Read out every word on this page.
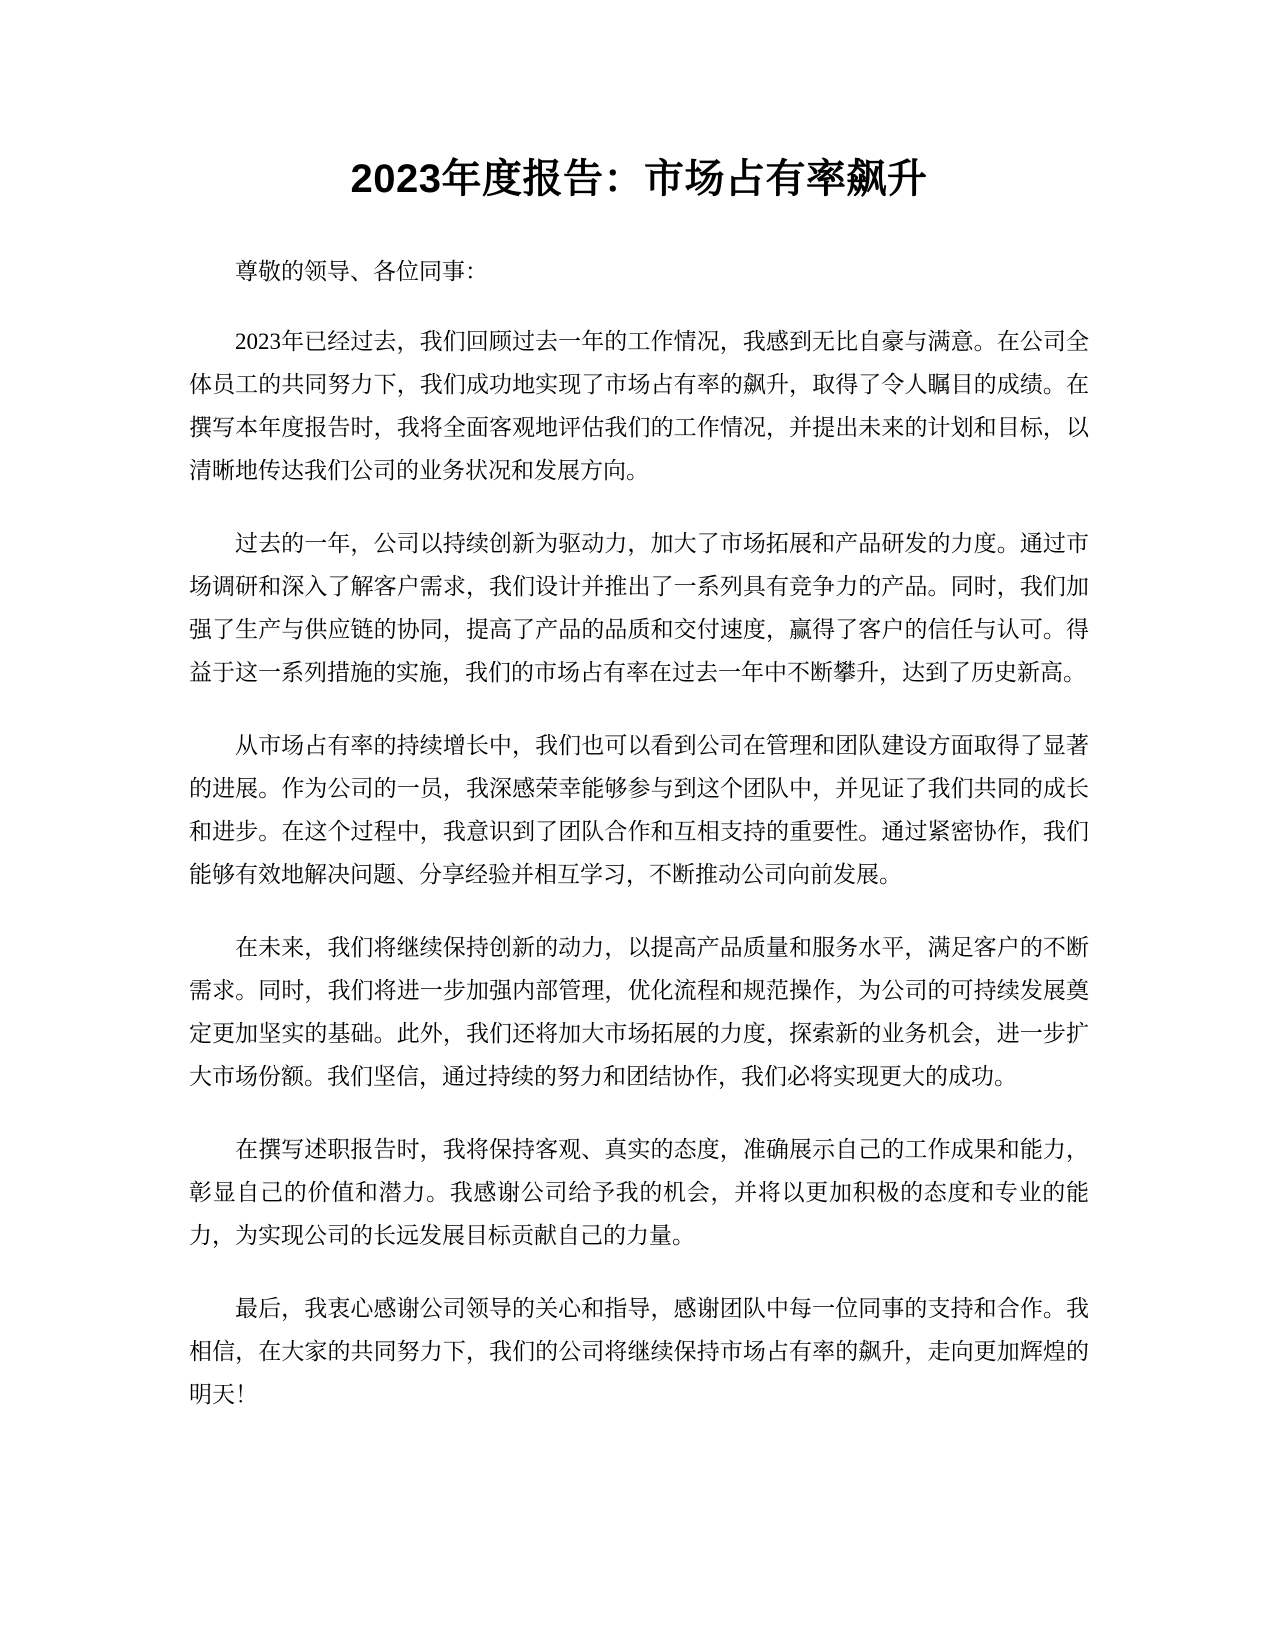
2023年度报告：市场占有率飙升

尊敬的领导、各位同事：

2023年已经过去，我们回顾过去一年的工作情况，我感到无比自豪与满意。在公司全体员工的共同努力下，我们成功地实现了市场占有率的飙升，取得了令人瞩目的成绩。在撰写本年度报告时，我将全面客观地评估我们的工作情况，并提出未来的计划和目标，以清晰地传达我们公司的业务状况和发展方向。

过去的一年，公司以持续创新为驱动力，加大了市场拓展和产品研发的力度。通过市场调研和深入了解客户需求，我们设计并推出了一系列具有竞争力的产品。同时，我们加强了生产与供应链的协同，提高了产品的品质和交付速度，赢得了客户的信任与认可。得益于这一系列措施的实施，我们的市场占有率在过去一年中不断攀升，达到了历史新高。

从市场占有率的持续增长中，我们也可以看到公司在管理和团队建设方面取得了显著的进展。作为公司的一员，我深感荣幸能够参与到这个团队中，并见证了我们共同的成长和进步。在这个过程中，我意识到了团队合作和互相支持的重要性。通过紧密协作，我们能够有效地解决问题、分享经验并相互学习，不断推动公司向前发展。

在未来，我们将继续保持创新的动力，以提高产品质量和服务水平，满足客户的不断需求。同时，我们将进一步加强内部管理，优化流程和规范操作，为公司的可持续发展奠定更加坚实的基础。此外，我们还将加大市场拓展的力度，探索新的业务机会，进一步扩大市场份额。我们坚信，通过持续的努力和团结协作，我们必将实现更大的成功。

在撰写述职报告时，我将保持客观、真实的态度，准确展示自己的工作成果和能力，彰显自己的价值和潜力。我感谢公司给予我的机会，并将以更加积极的态度和专业的能力，为实现公司的长远发展目标贡献自己的力量。

最后，我衷心感谢公司领导的关心和指导，感谢团队中每一位同事的支持和合作。我相信，在大家的共同努力下，我们的公司将继续保持市场占有率的飙升，走向更加辉煌的明天！
